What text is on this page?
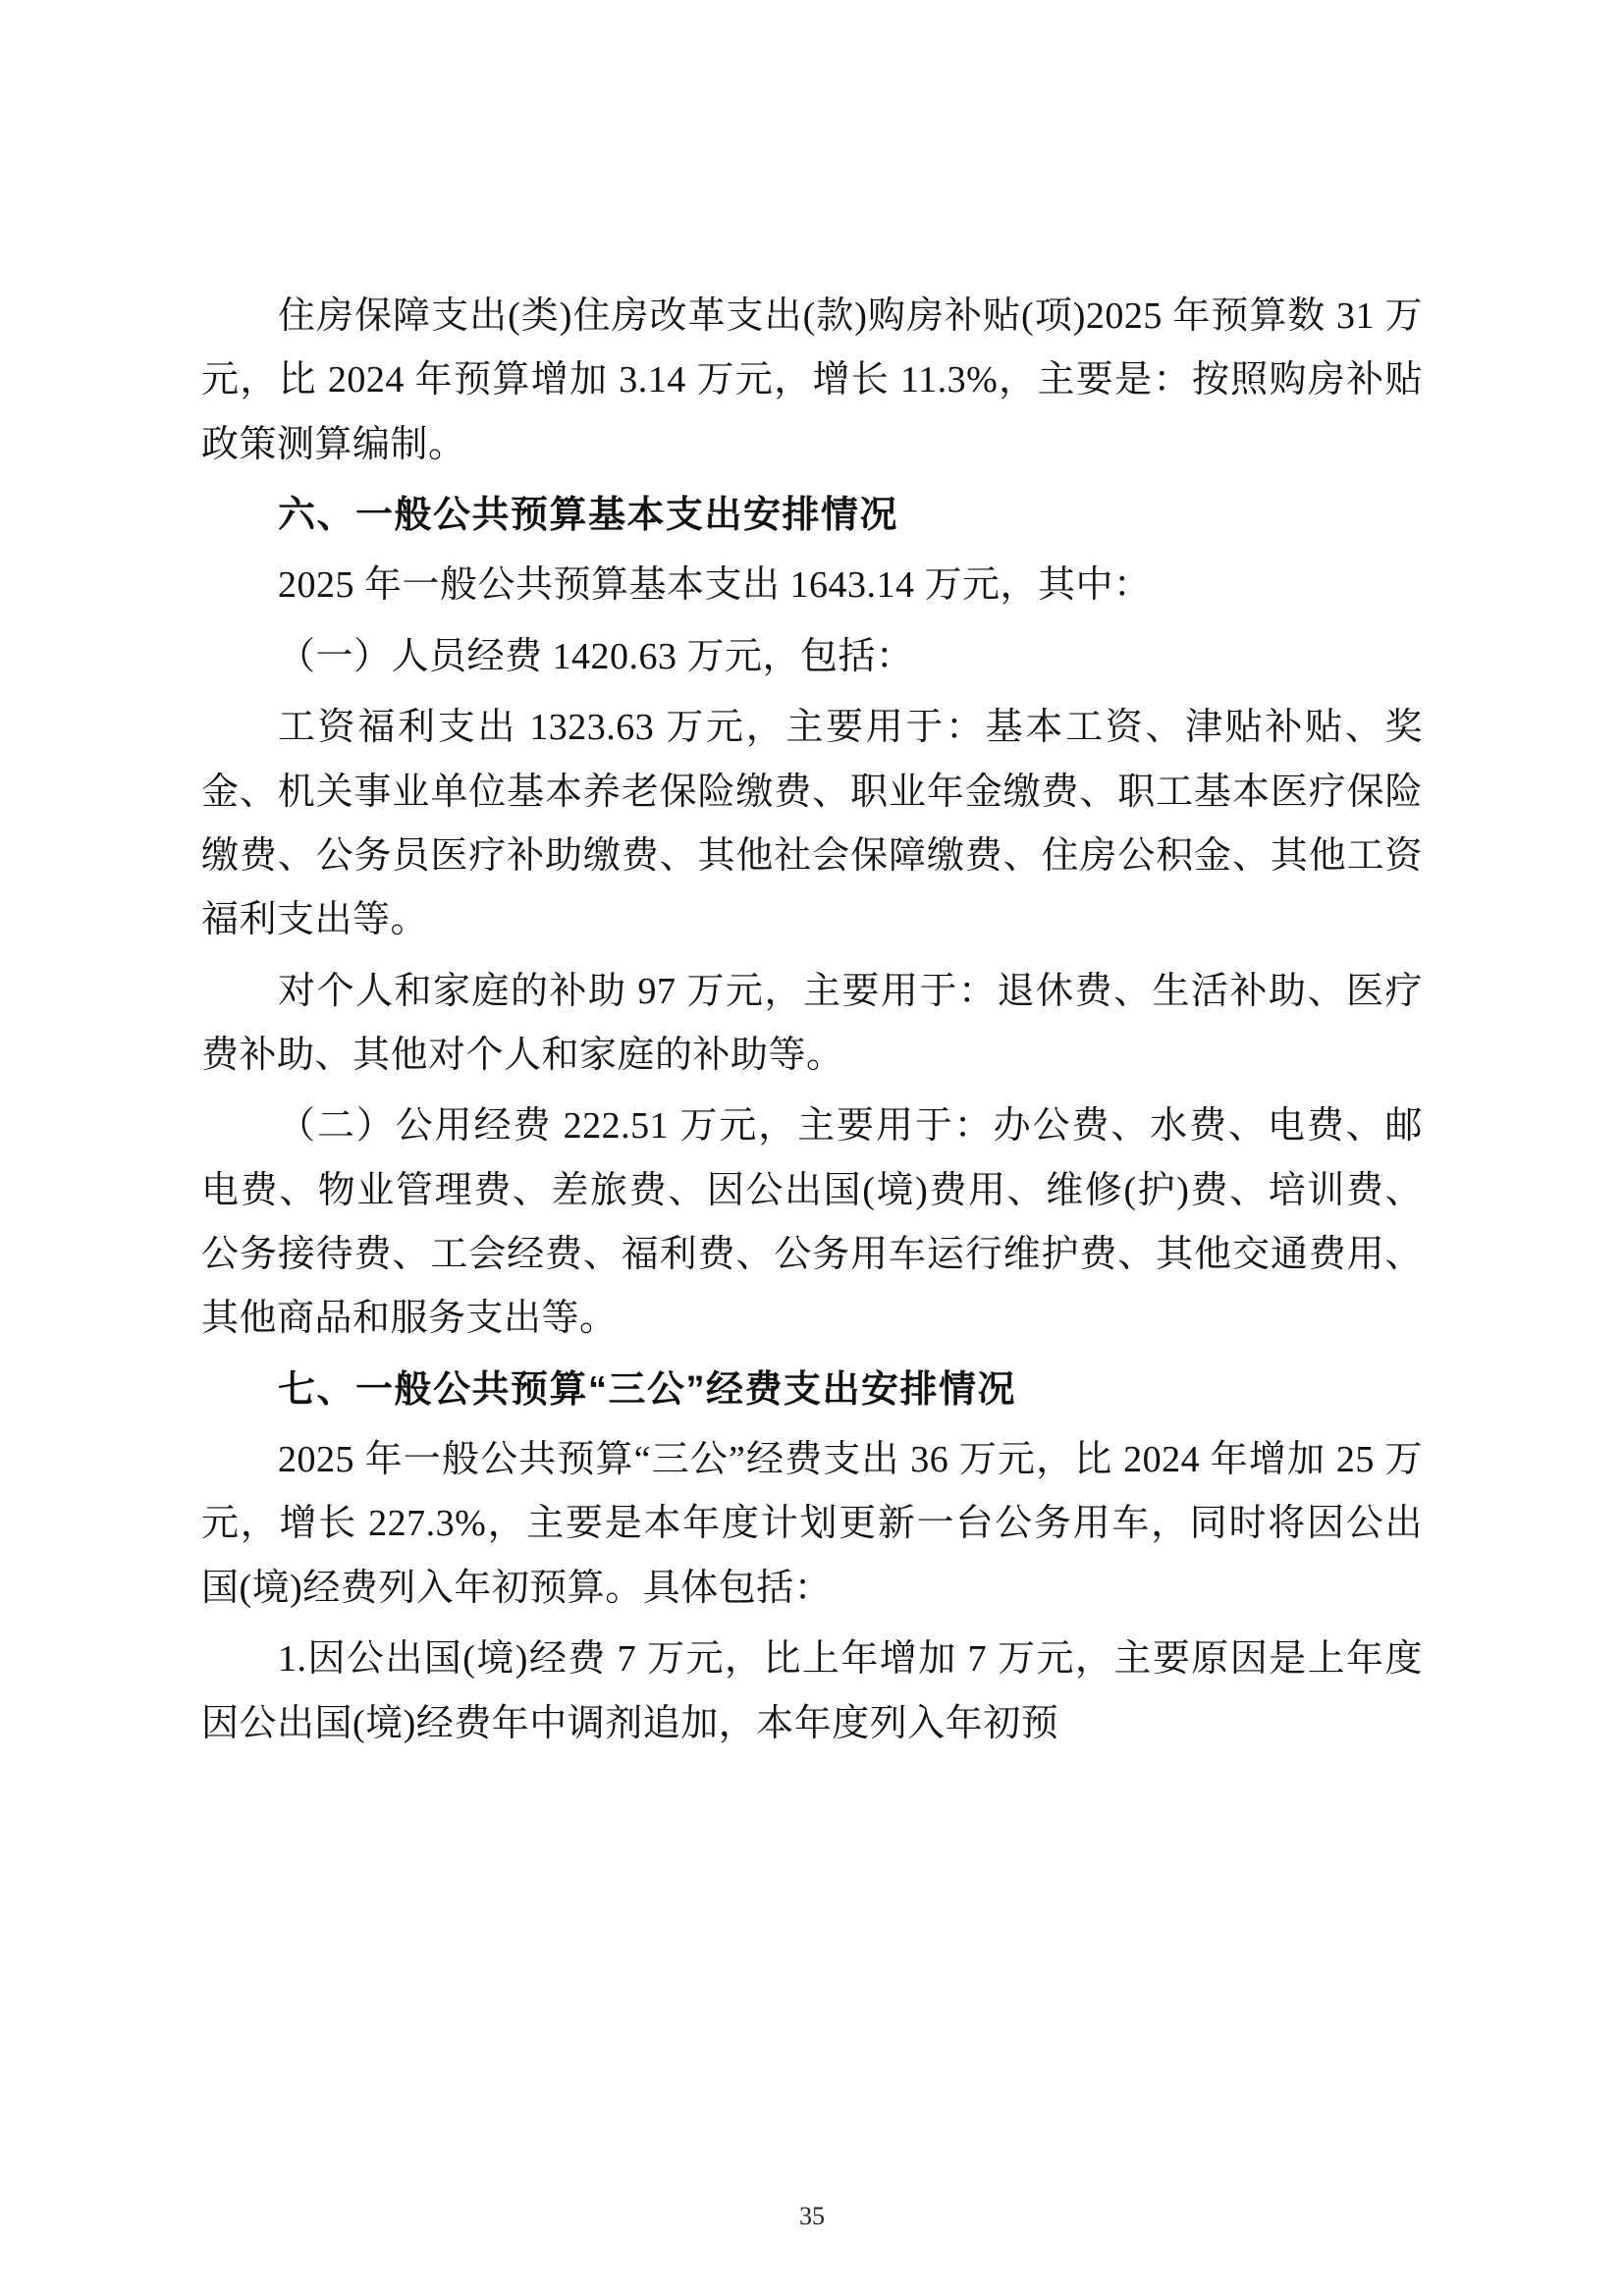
住房保障支出(类)住房改革支出(款)购房补贴(项)2025 年预算数 31 万元，比 2024 年预算增加 3.14 万元，增长 11.3%，主要是：按照购房补贴政策测算编制。

六、一般公共预算基本支出安排情况

2025 年一般公共预算基本支出 1643.14 万元，其中：

（一）人员经费 1420.63 万元，包括：

工资福利支出 1323.63 万元，主要用于：基本工资、津贴补贴、奖金、机关事业单位基本养老保险缴费、职业年金缴费、职工基本医疗保险缴费、公务员医疗补助缴费、其他社会保障缴费、住房公积金、其他工资福利支出等。

对个人和家庭的补助 97 万元，主要用于：退休费、生活补助、医疗费补助、其他对个人和家庭的补助等。

（二）公用经费 222.51 万元，主要用于：办公费、水费、电费、邮电费、物业管理费、差旅费、因公出国(境)费用、维修(护)费、培训费、公务接待费、工会经费、福利费、公务用车运行维护费、其他交通费用、其他商品和服务支出等。

七、一般公共预算“三公”经费支出安排情况

2025 年一般公共预算“三公”经费支出 36 万元，比 2024 年增加 25 万元，增长 227.3%，主要是本年度计划更新一台公务用车，同时将因公出国(境)经费列入年初预算。具体包括：

1.因公出国(境)经费 7 万元，比上年增加 7 万元，主要原因是上年度因公出国(境)经费年中调剂追加，本年度列入年初预

35
